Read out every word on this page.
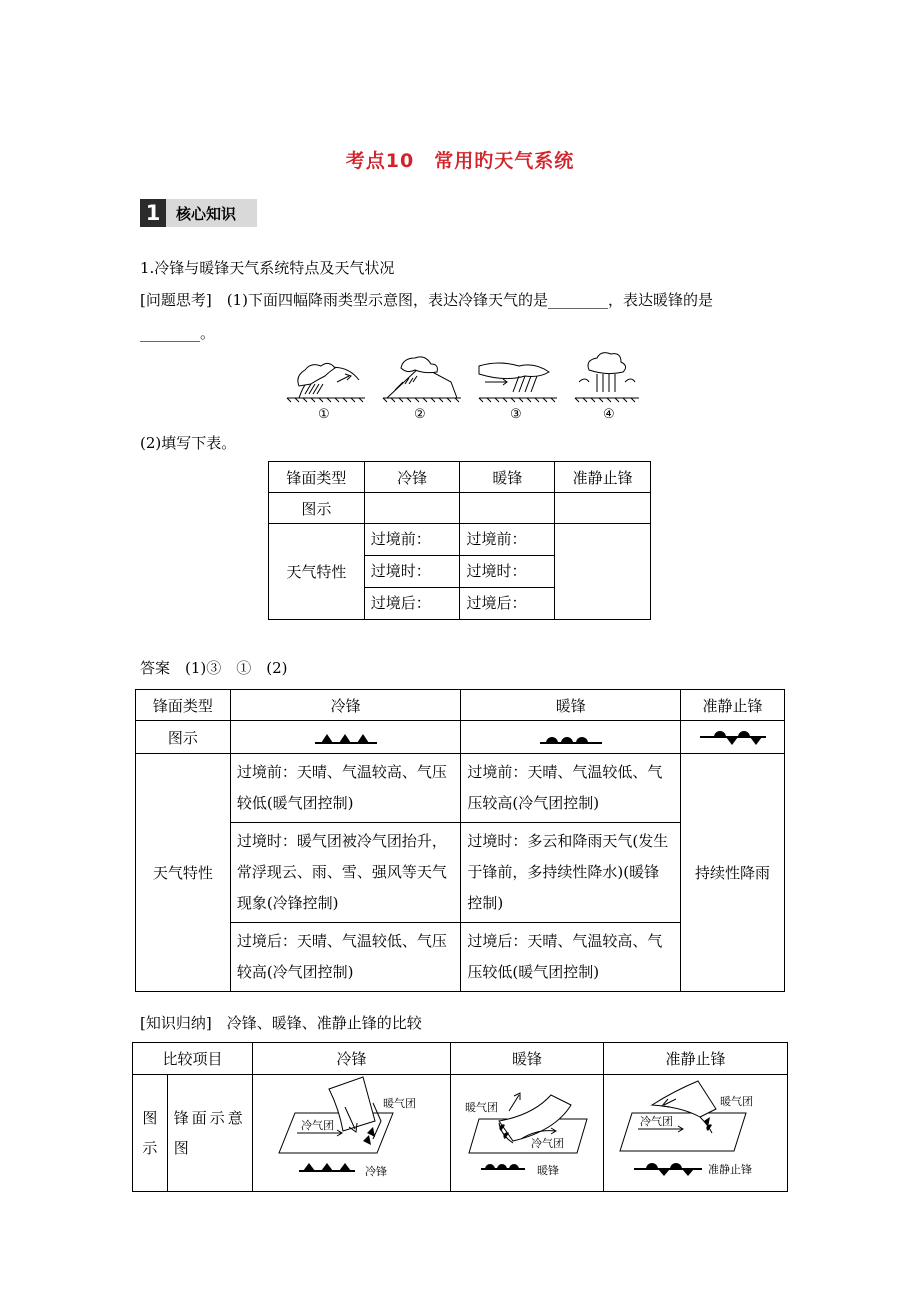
考点10　常用旳天气系统
1	核心知识
1.冷锋与暖锋天气系统特点及天气状况
[问题思考]　(1)下面四幅降雨类型示意图，表达冷锋天气的是________，表达暖锋的是
________。
①	②	③	④
(2)填写下表。
锋面类型	冷锋	暖锋	准静止锋
图示			
天气特性	过境前：	过境前：	
	过境时：	过境时：	
	过境后：	过境后：	
答案　(1)③　①　(2)
锋面类型	冷锋	暖锋	准静止锋
图示	

天气特性	过境前：天晴、气温较高、气压较低(暖气团控制)	过境前：天晴、气温较低、气压较高(冷气团控制)	持续性降雨
	过境时：暖气团被冷气团抬升，常浮现云、雨、雪、强风等天气现象(冷锋控制)	过境时：多云和降雨天气(发生于锋前，多持续性降水)(暖锋控制)	
	过境后：天晴、气温较低、气压较高(冷气团控制)	过境后：天晴、气温较高、气压较低(暖气团控制)	
[知识归纳]　冷锋、暖锋、准静止锋的比较
比较项目		冷锋	暖锋	准静止锋
图示	锋面示意图	暖气团
冷气团
冷锋	暖气团
冷气团
暖锋	暖气团
冷气团
准静止锋
